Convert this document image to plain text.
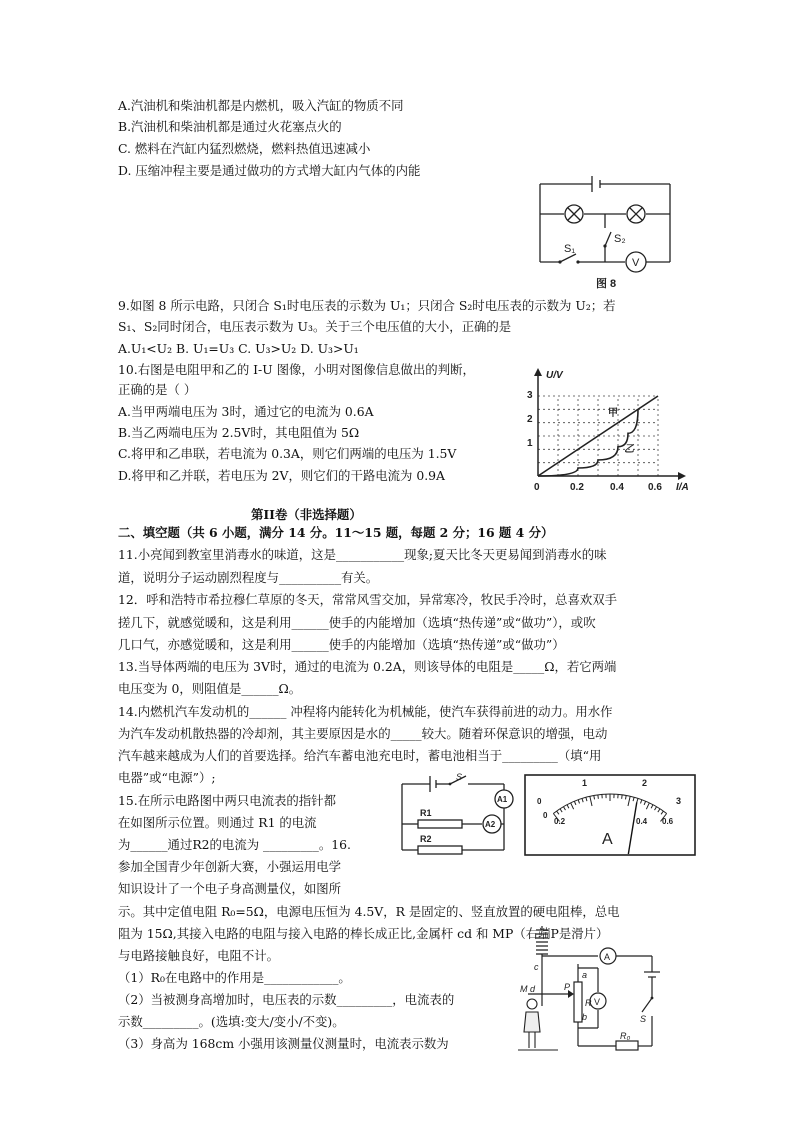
A.汽油机和柴油机都是内燃机，吸入汽缸的物质不同
B.汽油机和柴油机都是通过火花塞点火的
C. 燃料在汽缸内猛烈燃烧，燃料热值迅速减小
D. 压缩冲程主要是通过做功的方式增大缸内气体的内能
S₁
S₂
V
图 8
9.如图 8 所示电路，只闭合 S₁时电压表的示数为 U₁；只闭合 S₂时电压表的示数为 U₂；若
S₁、S₂同时闭合，电压表示数为 U₃。关于三个电压值的大小，正确的是
A.U₁<U₂ B. U₁=U₃ C. U₃>U₂ D. U₃>U₁
10.右图是电阻甲和乙的 I-U 图像，小明对图像信息做出的判断，
正确的是（ ）
A.当甲两端电压为 3时，通过它的电流为 0.6A
B.当乙两端电压为 2.5V时，其电阻值为 5Ω
C.将甲和乙串联，若电流为 0.3A，则它们两端的电压为 1.5V
D.将甲和乙并联，若电压为 2V，则它们的干路电流为 0.9A
U/V
I/A
1
2
3
0	0.2	0.4 0.6
甲
乙
第II卷（非选择题）
二、填空题（共 6 小题，满分 14 分。11～15 题，每题 2 分；16 题 4 分）
11.小亮闻到教室里消毒水的味道，这是___________现象;夏天比冬天更易闻到消毒水的味
道，说明分子运动剧烈程度与__________有关。
12．呼和浩特市希拉穆仁草原的冬天，常常风雪交加，异常寒冷，牧民手冷时，总喜欢双手
搓几下，就感觉暖和，这是利用______使手的内能增加（选填“热传递”或“做功”），或吹
几口气，亦感觉暖和，这是利用______使手的内能增加（选填“热传递”或“做功”）
13.当导体两端的电压为 3V时，通过的电流为 0.2A，则该导体的电阻是_____Ω，若它两端
电压变为 0，则阻值是______Ω。
14.内燃机汽车发动机的______ 冲程将内能转化为机械能，使汽车获得前进的动力。用水作
为汽车发动机散热器的冷却剂，其主要原因是水的_____较大。随着环保意识的增强，电动
汽车越来越成为人们的首要选择。给汽车蓄电池充电时，蓄电池相当于_________（填“用
电器”或“电源”）;
15.在所示电路图中两只电流表的指针都
在如图所示位置。则通过 R1 的电流
为______通过R2的电流为 _________。16.
参加全国青少年创新大赛，小强运用电学
知识设计了一个电子身高测量仪，如图所
示。其中定值电阻 R₀=5Ω，电源电压恒为 4.5V，R 是固定的、竖直放置的硬电阻棒，总电
阻为 15Ω,其接入电路的电阻与接入电路的棒长成正比,金属杆 cd 和 MP（右端P是滑片）
与电路接触良好，电阻不计。
（1）R₀在电路中的作用是____________。
（2）当被测身高增加时，电压表的示数_________，电流表的
示数_________。(选填:变大/变小/不变)。
（3）身高为 168cm 小强用该测量仪测量时，电流表示数为
S
A1
A2
R1
R2
0
1	2
3
0
0.2	0.4 0.6
A
A
V
S
R₀
R
P
a
b
c
M d
